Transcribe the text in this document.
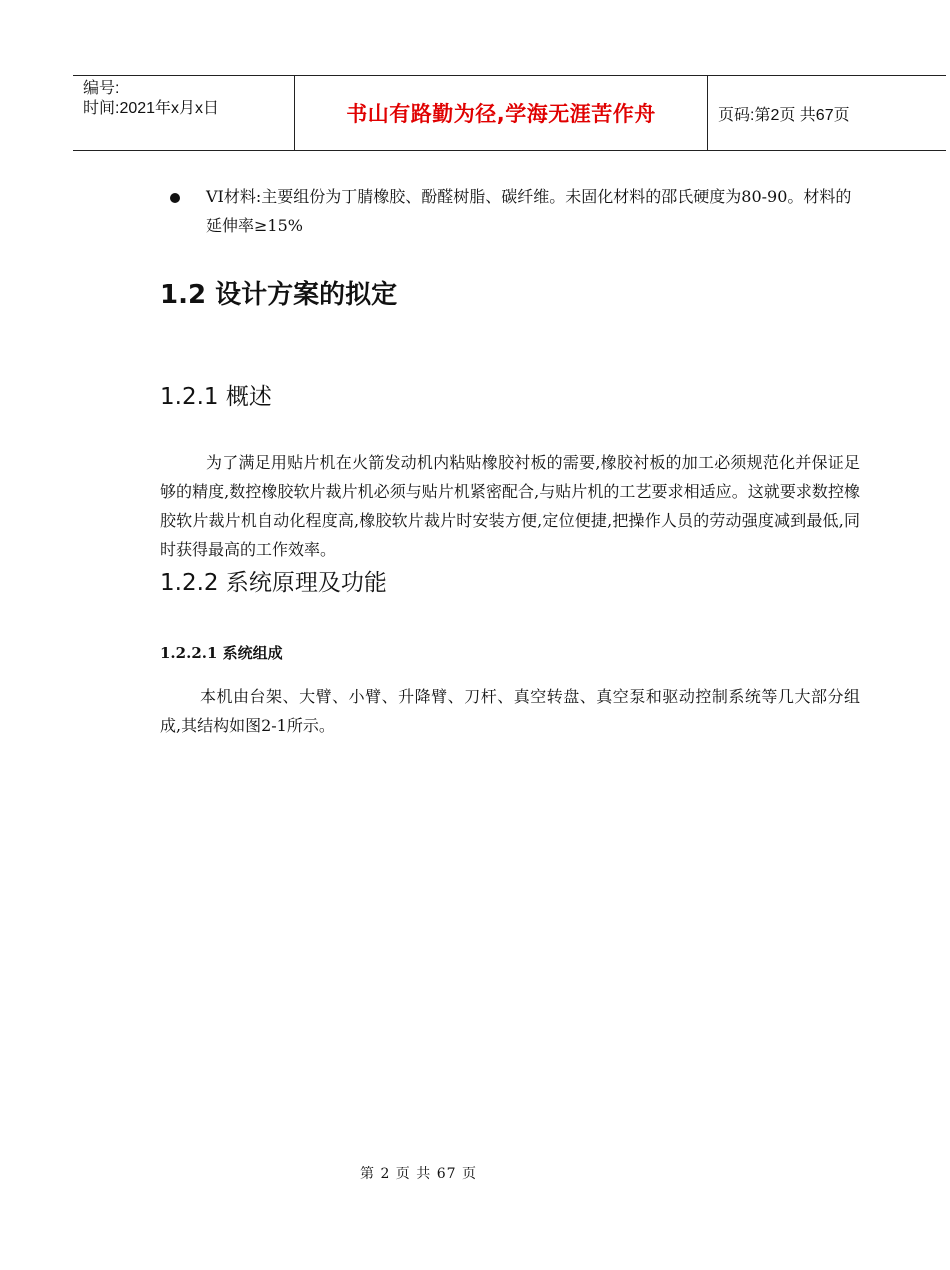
编号:
时间:2021年x月x日	书山有路勤为径,学海无涯苦作舟	页码:第2页 共67页
VI材料:主要组份为丁腈橡胶、酚醛树脂、碳纤维。未固化材料的邵氏硬度为80-90。材料的延伸率≥15%
1.2 设计方案的拟定
1.2.1 概述

为了满足用贴片机在火箭发动机内粘贴橡胶衬板的需要,橡胶衬板的加工必须规范化并保证足够的精度,数控橡胶软片裁片机必须与贴片机紧密配合,与贴片机的工艺要求相适应。这就要求数控橡胶软片裁片机自动化程度高,橡胶软片裁片时安装方便,定位便捷,把操作人员的劳动强度减到最低,同时获得最高的工作效率。

1.2.2 系统原理及功能
1.2.2.1 系统组成

本机由台架、大臂、小臂、升降臂、刀杆、真空转盘、真空泵和驱动控制系统等几大部分组成,其结构如图2-1所示。

第 2 页 共 67 页
